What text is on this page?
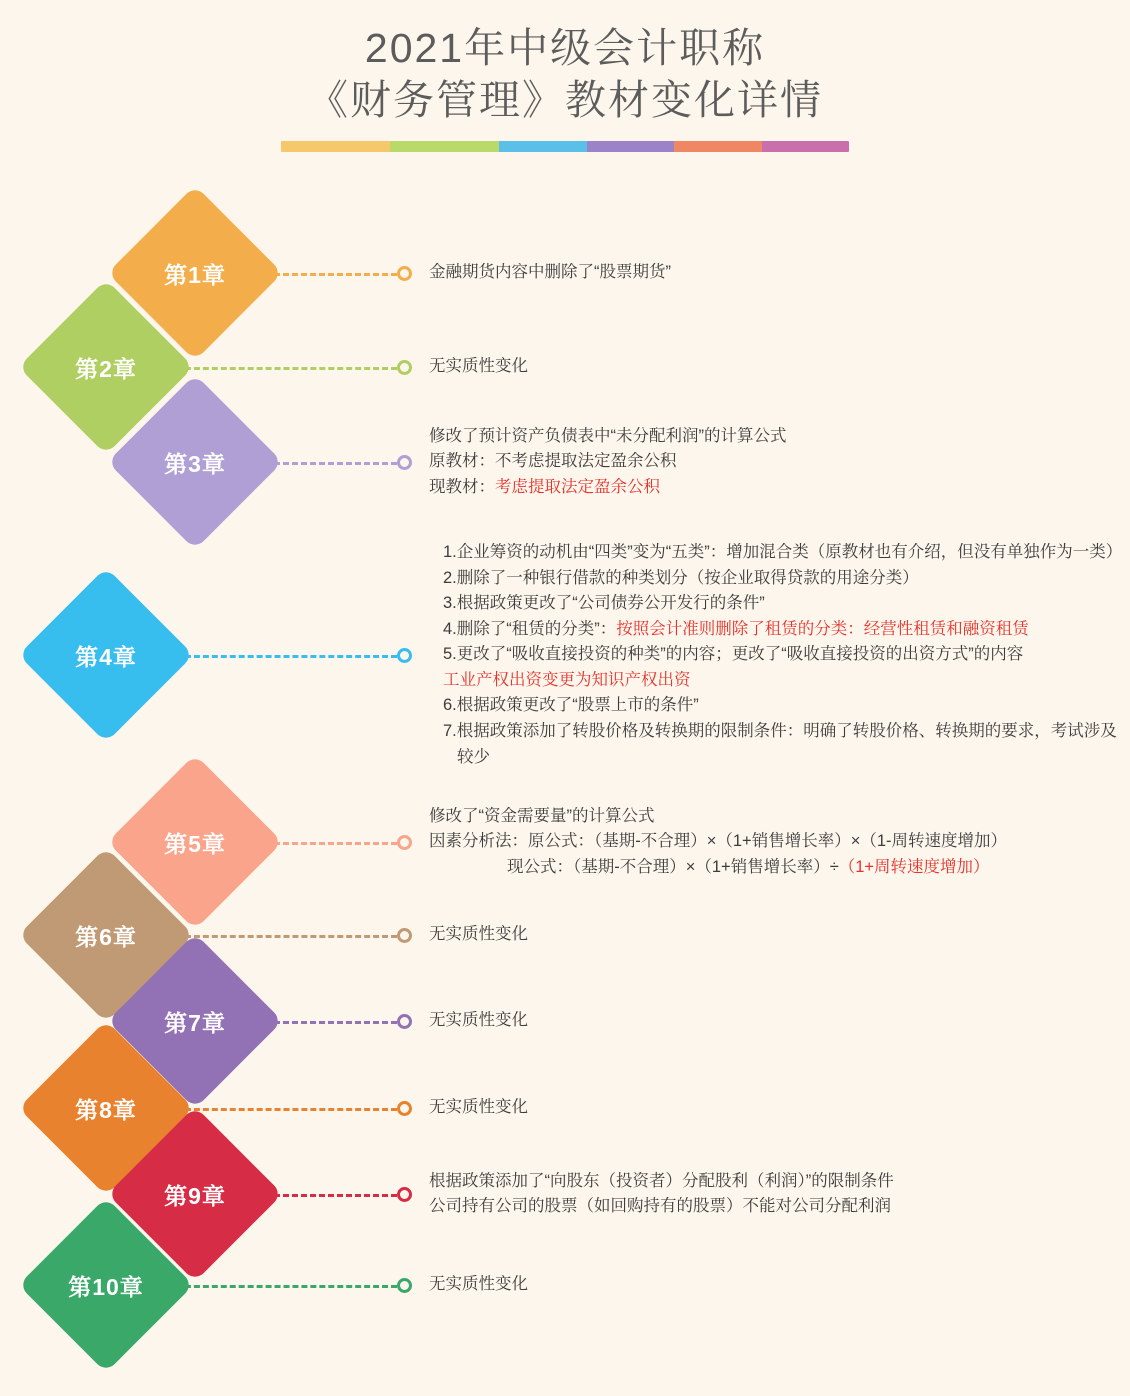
2021年中级会计职称
《财务管理》教材变化详情
第1章	金融期货内容中删除了“股票期货”
第2章	无实质性变化
第3章
修改了预计资产负债表中“未分配利润”的计算公式
原教材：不考虑提取法定盈余公积
现教材：考虑提取法定盈余公积
第4章
1.企业筹资的动机由“四类”变为“五类”：增加混合类（原教材也有介绍，但没有单独作为一类）
2.删除了一种银行借款的种类划分（按企业取得贷款的用途分类）
3.根据政策更改了“公司债券公开发行的条件”
4.删除了“租赁的分类”：按照会计准则删除了租赁的分类：经营性租赁和融资租赁
5.更改了“吸收直接投资的种类”的内容；更改了“吸收直接投资的出资方式”的内容
工业产权出资变更为知识产权出资
6.根据政策更改了“股票上市的条件”
7.根据政策添加了转股价格及转换期的限制条件：明确了转股价格、转换期的要求，考试涉及较少
第5章
修改了“资金需要量”的计算公式
因素分析法：原公式：（基期-不合理）×（1+销售增长率）×（1-周转速度增加）
现公式：（基期-不合理）×（1+销售增长率）÷（1+周转速度增加）
第6章	无实质性变化
第7章	无实质性变化
第8章	无实质性变化
第9章
根据政策添加了“向股东（投资者）分配股利（利润）”的限制条件
公司持有公司的股票（如回购持有的股票）不能对公司分配利润
第10章	无实质性变化
